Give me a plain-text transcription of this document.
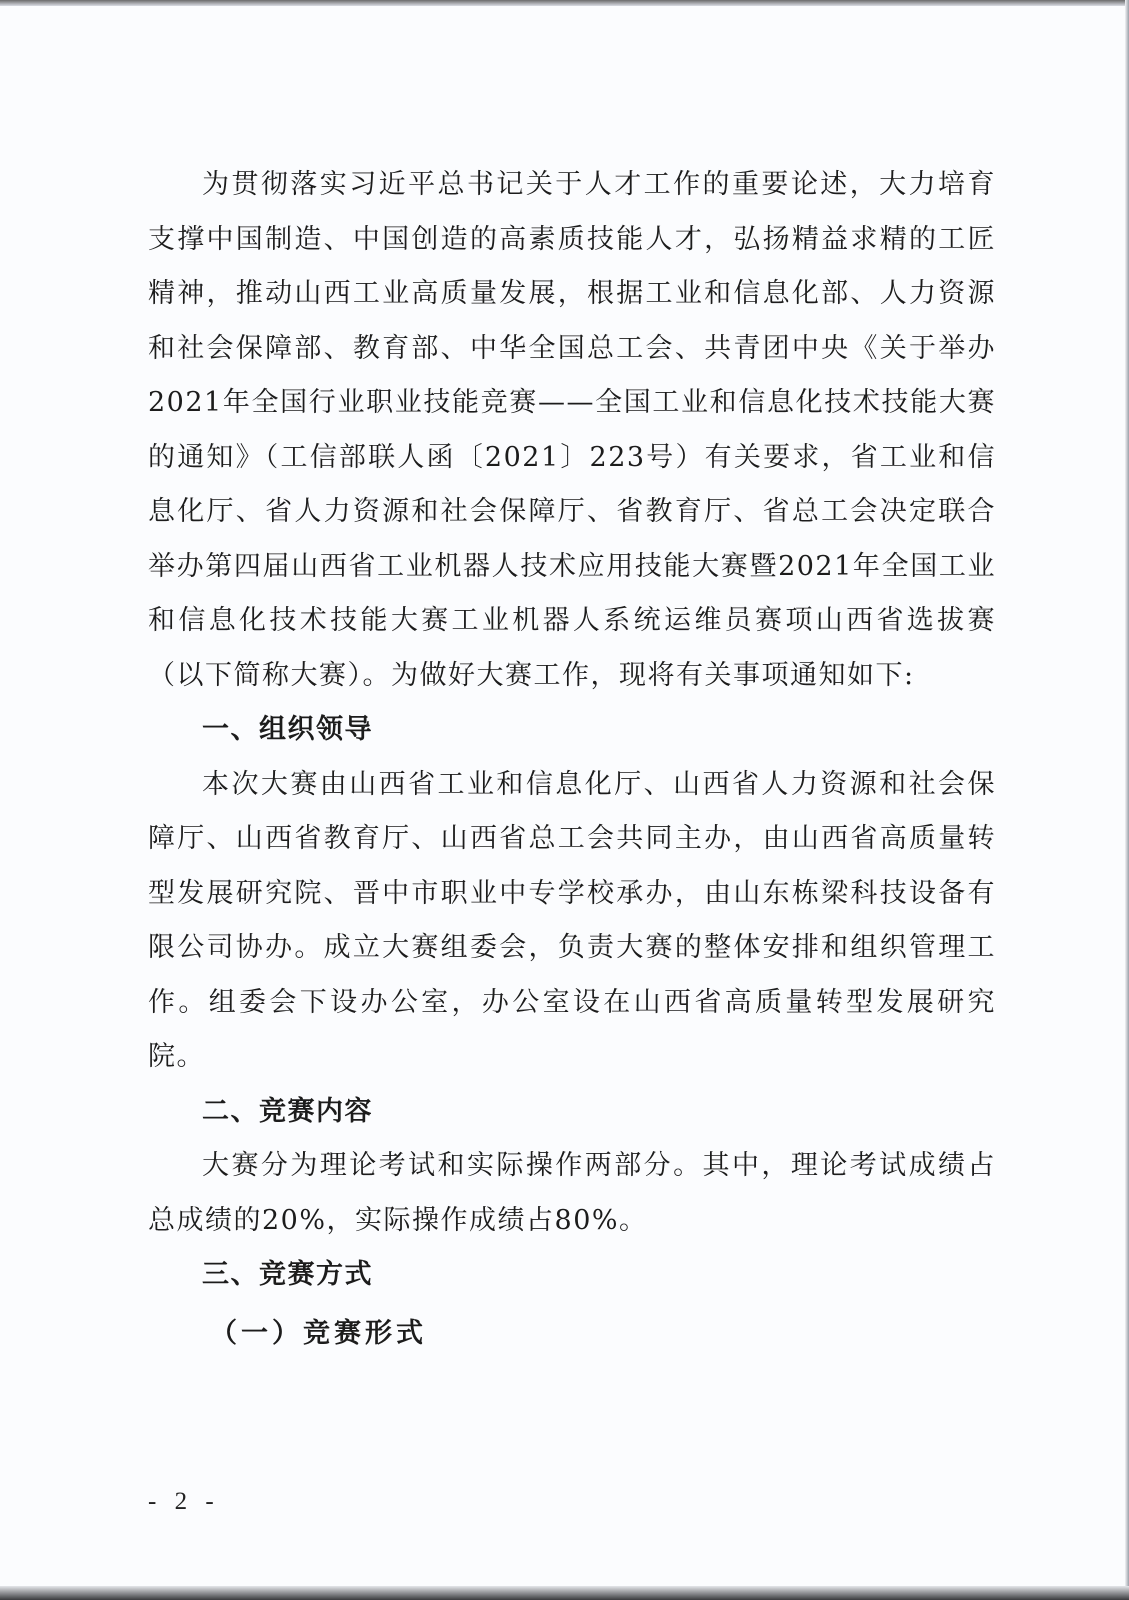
为贯彻落实习近平总书记关于人才工作的重要论述，大力培育支撑中国制造、中国创造的高素质技能人才，弘扬精益求精的工匠精神，推动山西工业高质量发展，根据工业和信息化部、人力资源和社会保障部、教育部、中华全国总工会、共青团中央《关于举办2021年全国行业职业技能竞赛——全国工业和信息化技术技能大赛的通知》（工信部联人函〔2021〕223号）有关要求，省工业和信息化厅、省人力资源和社会保障厅、省教育厅、省总工会决定联合举办第四届山西省工业机器人技术应用技能大赛暨2021年全国工业和信息化技术技能大赛工业机器人系统运维员赛项山西省选拔赛（以下简称大赛）。为做好大赛工作，现将有关事项通知如下:

一、组织领导

本次大赛由山西省工业和信息化厅、山西省人力资源和社会保障厅、山西省教育厅、山西省总工会共同主办，由山西省高质量转型发展研究院、晋中市职业中专学校承办，由山东栋梁科技设备有限公司协办。成立大赛组委会，负责大赛的整体安排和组织管理工作。组委会下设办公室，办公室设在山西省高质量转型发展研究院。

二、竞赛内容

大赛分为理论考试和实际操作两部分。其中，理论考试成绩占总成绩的20%，实际操作成绩占80%。

三、竞赛方式

（一）竞赛形式

- 2 -
